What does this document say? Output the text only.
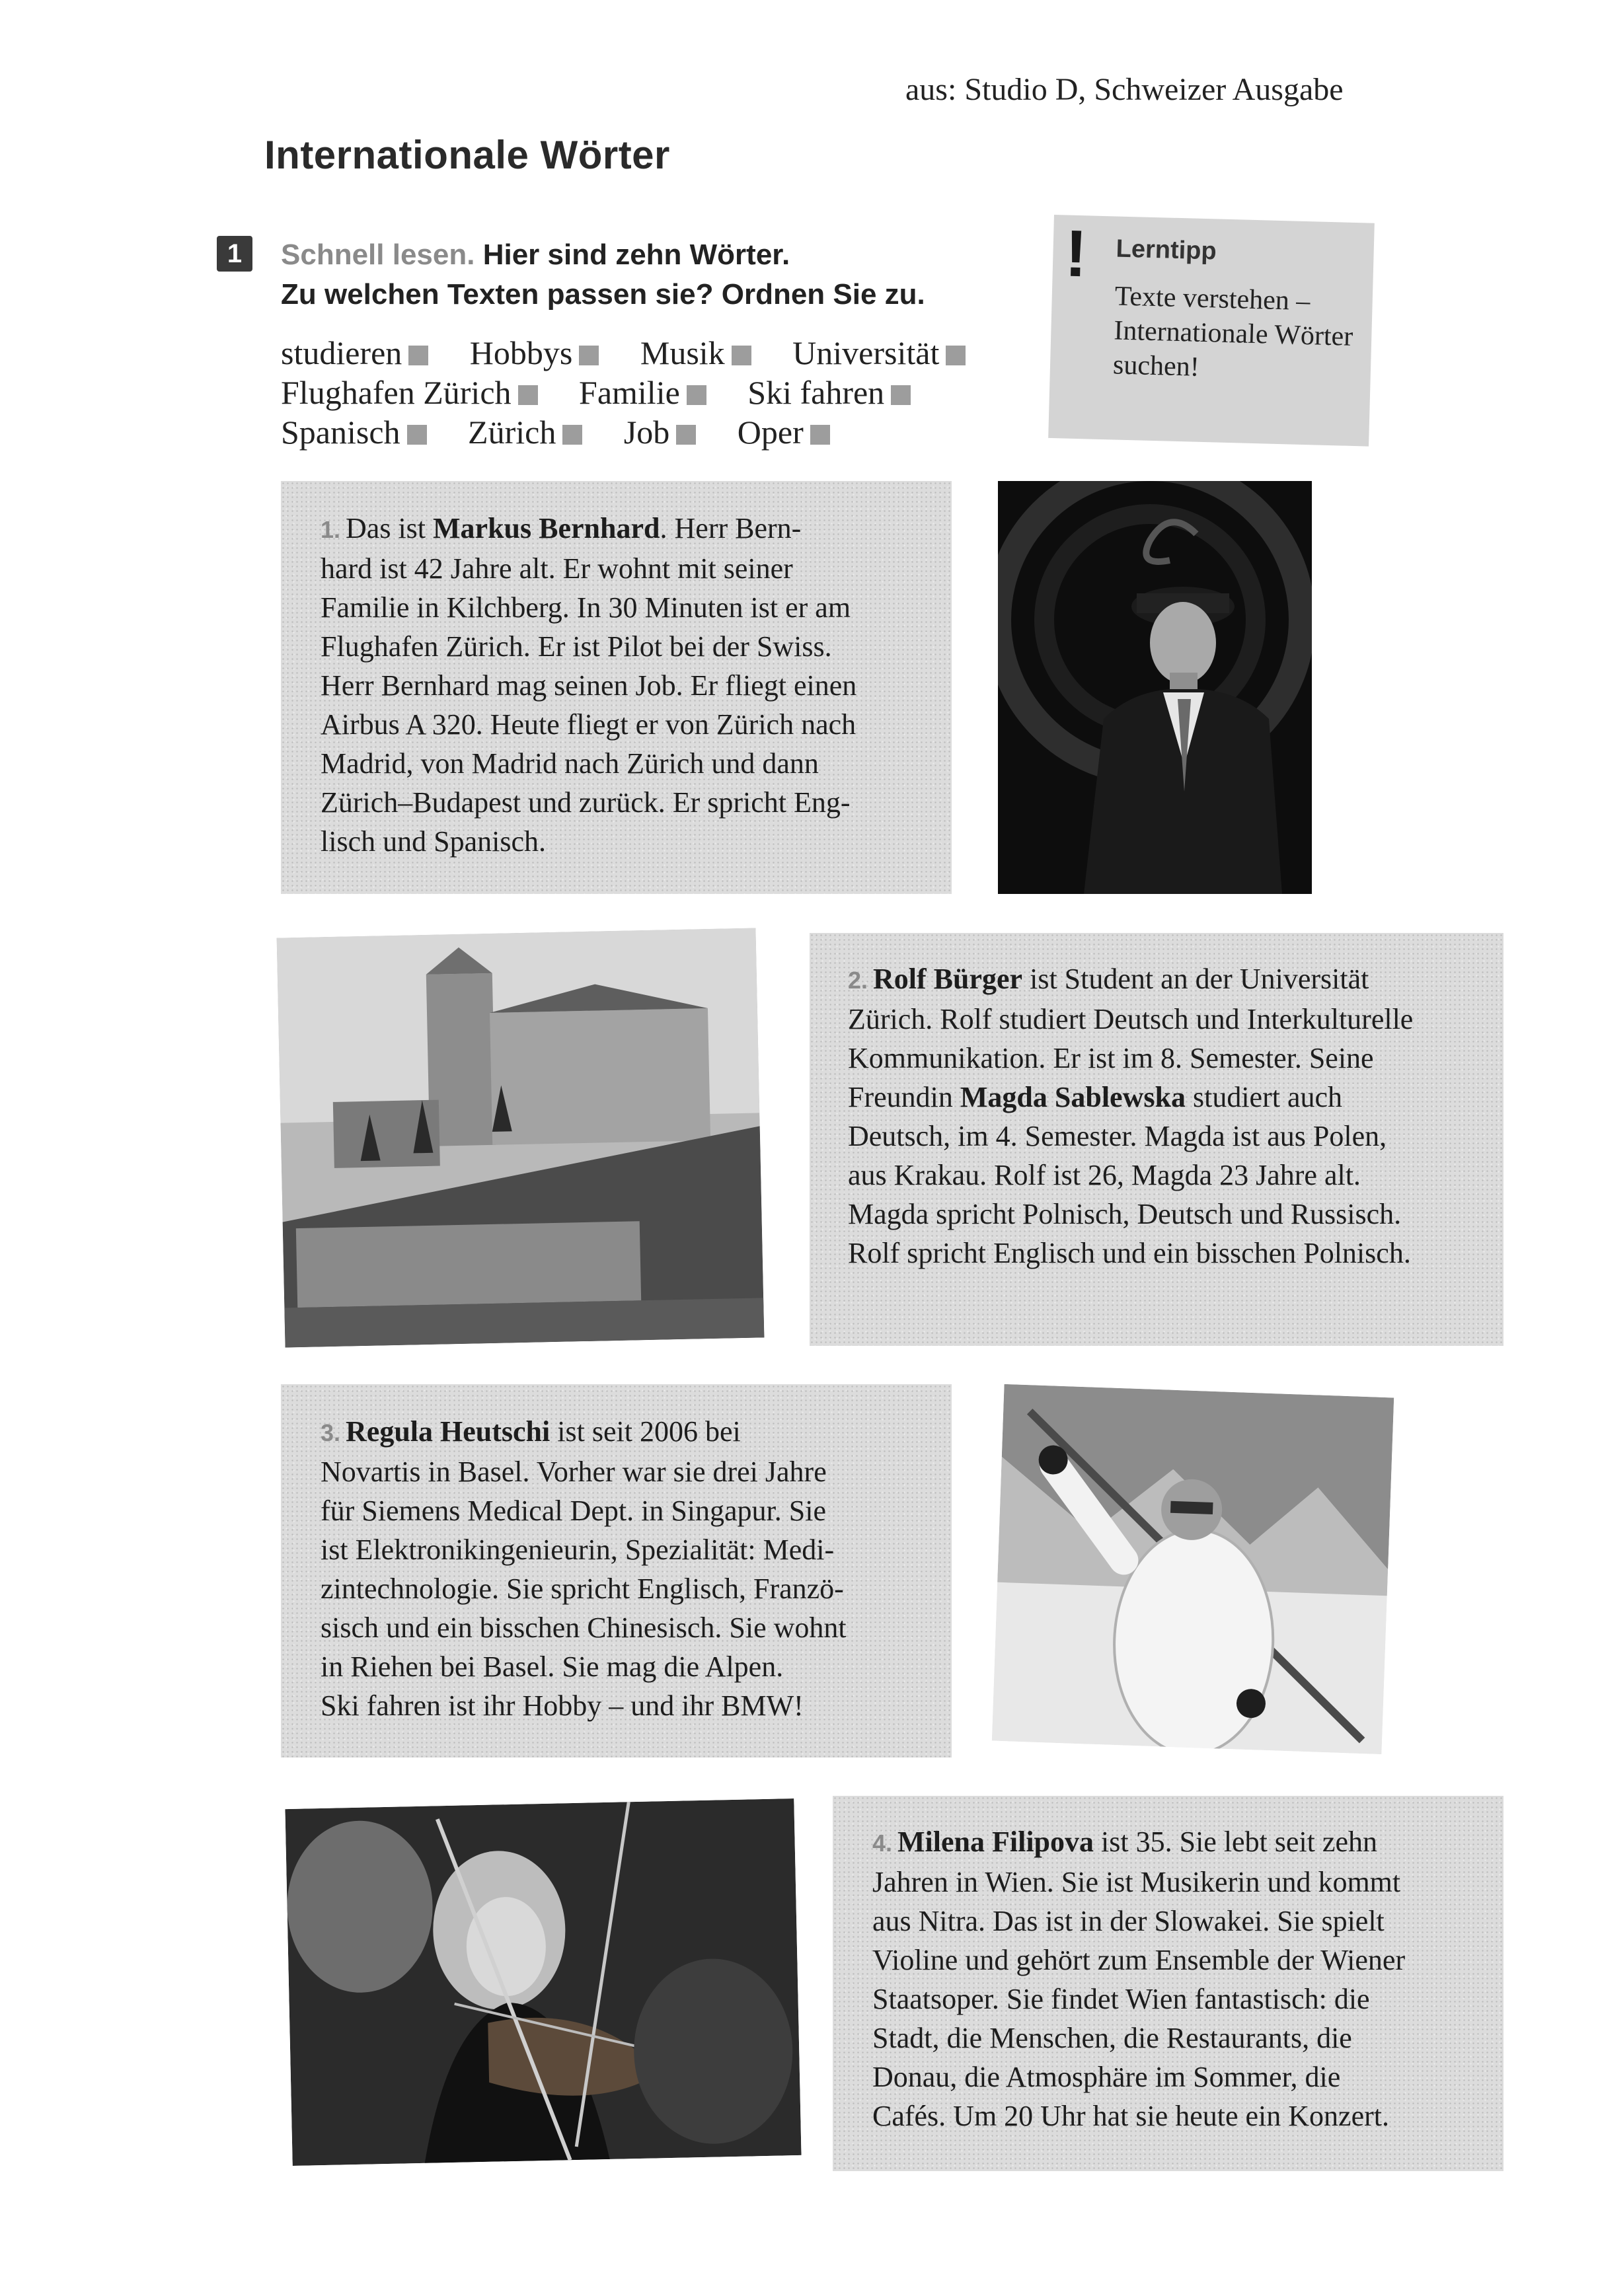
aus: Studio D, Schweizer Ausgabe
Internationale Wörter
1	Schnell lesen. Hier sind zehn Wörter.
Zu welchen Texten passen sie? Ordnen Sie zu.
studieren Hobbys Musik Universität
Flughafen Zürich Familie Ski fahren
Spanisch Zürich Job Oper
! Lerntipp
Texte verstehen – Internationale Wörter suchen!
1. Das ist Markus Bernhard. Herr Bern-
hard ist 42 Jahre alt. Er wohnt mit seiner
Familie in Kilchberg. In 30 Minuten ist er am
Flughafen Zürich. Er ist Pilot bei der Swiss.
Herr Bernhard mag seinen Job. Er fliegt einen
Airbus A 320. Heute fliegt er von Zürich nach
Madrid, von Madrid nach Zürich und dann
Zürich–Budapest und zurück. Er spricht Eng-
lisch und Spanisch.
2. Rolf Bürger ist Student an der Universität
Zürich. Rolf studiert Deutsch und Interkulturelle
Kommunikation. Er ist im 8. Semester. Seine
Freundin Magda Sablewska studiert auch
Deutsch, im 4. Semester. Magda ist aus Polen,
aus Krakau. Rolf ist 26, Magda 23 Jahre alt.
Magda spricht Polnisch, Deutsch und Russisch.
Rolf spricht Englisch und ein bisschen Polnisch.
3. Regula Heutschi ist seit 2006 bei
Novartis in Basel. Vorher war sie drei Jahre
für Siemens Medical Dept. in Singapur. Sie
ist Elektronikingenieurin, Spezialität: Medi-
zintechnologie. Sie spricht Englisch, Franzö-
sisch und ein bisschen Chinesisch. Sie wohnt
in Riehen bei Basel. Sie mag die Alpen.
Ski fahren ist ihr Hobby – und ihr BMW!
4. Milena Filipova ist 35. Sie lebt seit zehn
Jahren in Wien. Sie ist Musikerin und kommt
aus Nitra. Das ist in der Slowakei. Sie spielt
Violine und gehört zum Ensemble der Wiener
Staatsoper. Sie findet Wien fantastisch: die
Stadt, die Menschen, die Restaurants, die
Donau, die Atmosphäre im Sommer, die
Cafés. Um 20 Uhr hat sie heute ein Konzert.
